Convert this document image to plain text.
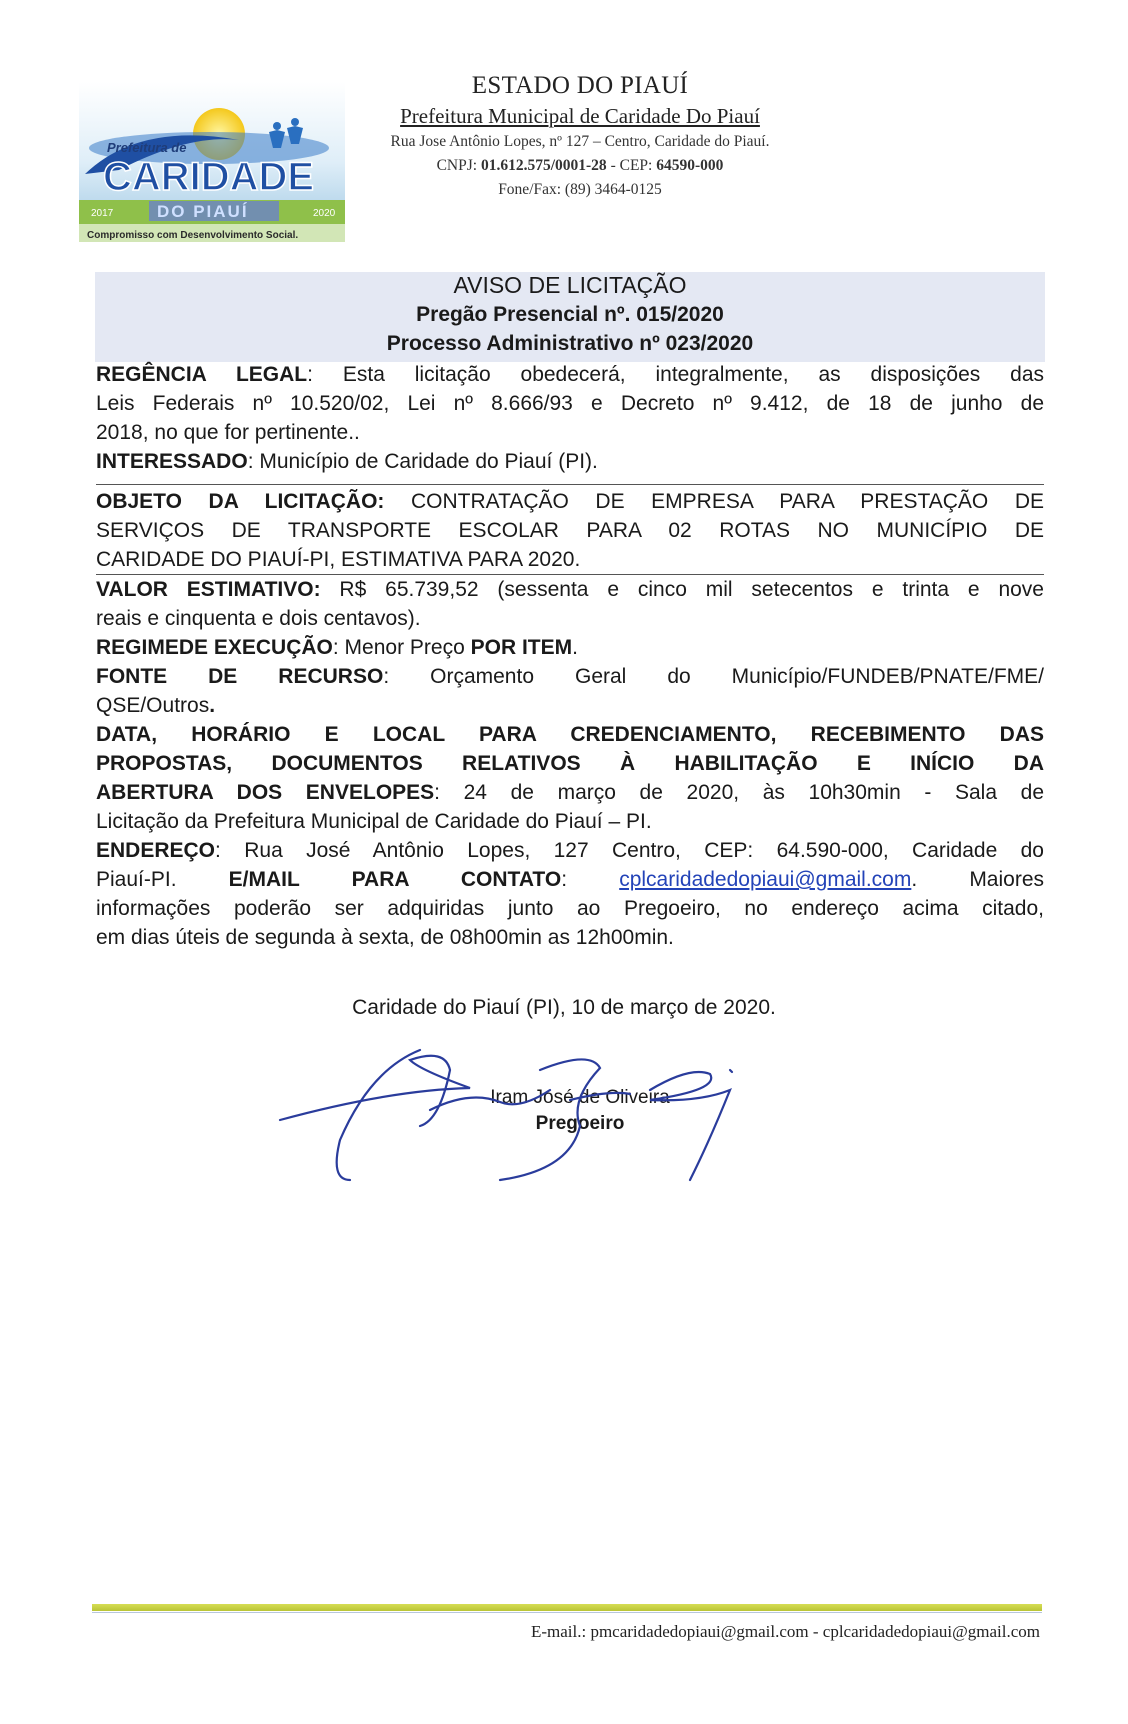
Prefeitura de
CARIDADE
2017	2020
DO PIAUÍ
Compromisso com Desenvolvimento Social.
ESTADO DO PIAUÍ
Prefeitura Municipal de Caridade Do Piauí
Rua Jose Antônio Lopes, nº 127 – Centro, Caridade do Piauí.
CNPJ: 01.612.575/0001-28 - CEP: 64590-000
Fone/Fax: (89) 3464-0125
AVISO DE LICITAÇÃO
Pregão Presencial nº. 015/2020
Processo Administrativo nº 023/2020
REGÊNCIA LEGAL: Esta licitação obedecerá, integralmente, as disposições das
Leis Federais nº 10.520/02, Lei nº 8.666/93 e Decreto nº 9.412, de 18 de junho de
2018, no que for pertinente..
INTERESSADO: Município de Caridade do Piauí (PI).
OBJETO DA LICITAÇÃO: CONTRATAÇÃO DE EMPRESA PARA PRESTAÇÃO DE
SERVIÇOS DE TRANSPORTE ESCOLAR PARA 02 ROTAS NO MUNICÍPIO DE
CARIDADE DO PIAUÍ-PI, ESTIMATIVA PARA 2020.
VALOR ESTIMATIVO: R$ 65.739,52 (sessenta e cinco mil setecentos e trinta e nove
reais e cinquenta e dois centavos).
REGIMEDE EXECUÇÃO: Menor Preço POR ITEM.
FONTE DE RECURSO: Orçamento Geral do Município/FUNDEB/PNATE/FME/
QSE/Outros.
DATA, HORÁRIO E LOCAL PARA CREDENCIAMENTO, RECEBIMENTO DAS
PROPOSTAS, DOCUMENTOS RELATIVOS À HABILITAÇÃO E INÍCIO DA
ABERTURA DOS ENVELOPES: 24 de março de 2020, às 10h30min - Sala de
Licitação da Prefeitura Municipal de Caridade do Piauí – PI.
ENDEREÇO: Rua José Antônio Lopes, 127 Centro, CEP: 64.590-000, Caridade do
Piauí-PI. E/MAIL PARA CONTATO: cplcaridadedopiaui@gmail.com. Maiores
informações poderão ser adquiridas junto ao Pregoeiro, no endereço acima citado,
em dias úteis de segunda à sexta, de 08h00min as 12h00min.
Caridade do Piauí (PI), 10 de março de 2020.
Iram José de Oliveira
Pregoeiro
E-mail.: pmcaridadedopiaui@gmail.com - cplcaridadedopiaui@gmail.com
